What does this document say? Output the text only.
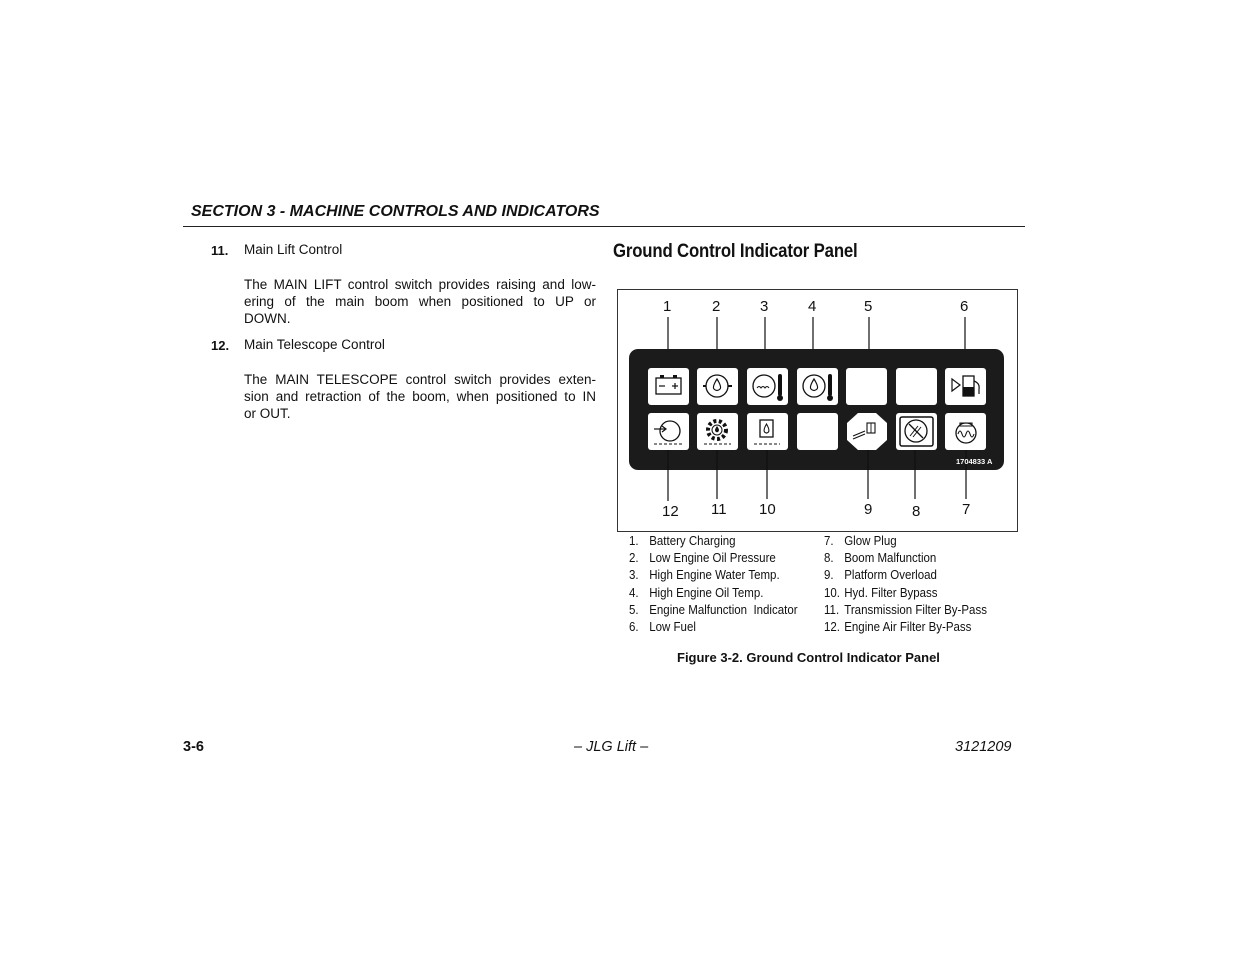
SECTION 3 - MACHINE CONTROLS AND INDICATORS
11. Main Lift Control
The MAIN LIFT control switch provides raising and low-
ering of the main boom when positioned to UP or
DOWN.
12. Main Telescope Control
The MAIN TELESCOPE control switch provides exten-
sion and retraction of the boom, when positioned to IN
or OUT.
Ground Control Indicator Panel
1704833 A
1	2	3	4	5	6
12 11 10	9	8	7
1. Battery Charging
2. Low Engine Oil Pressure
3. High Engine Water Temp.
4. High Engine Oil Temp.
5. Engine Malfunction  Indicator
6. Low Fuel
7. Glow Plug
8. Boom Malfunction
9. Platform Overload
10. Hyd. Filter Bypass
11. Transmission Filter By-Pass
12. Engine Air Filter By-Pass
Figure 3-2. Ground Control Indicator Panel
3-6	– JLG Lift –	3121209
